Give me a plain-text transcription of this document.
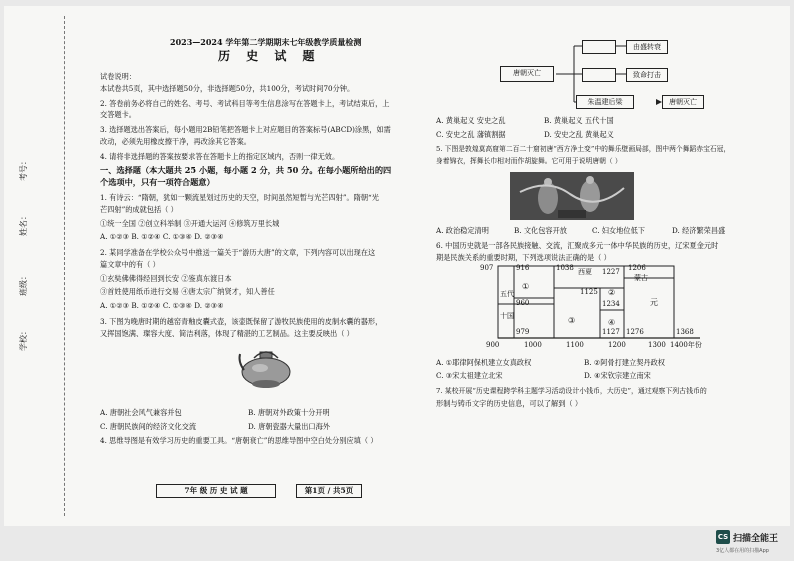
学校：
班级：
姓名：
考号：
2023—2024 学年第二学期期末七年级教学质量检测
历 史 试 题
试卷说明：
本试卷共5页，其中选择题50分，非选择题50分，共100分，考试时间70分钟。
2. 答卷前务必将自己的姓名、考号、考试科目等考生信息涂写在答题卡上，考试结束后，上
交答题卡。
3. 选择题选出答案后，每小题用2B铅笔把答题卡上对应题目的答案标号(ABCD)涂黑，如需
改动，必须先用橡皮擦干净，再改涂其它答案。
4. 请将非选择题的答案按要求答在答题卡上的指定区域内，否则一律无效。
一、选择题（本大题共 25 小题，每小题 2 分，共 50 分。在每小题所给出的四
个选项中，只有一项符合题意）
1. 有诗云：“隋朝，犹如一颗流星划过历史的天空，时间虽然短暂与光芒四射”。隋朝“光
芒四射”的成就包括（ ）
①统一全国 ②创立科举制 ③开通大运河 ④修筑万里长城
A. ①②③ B. ①②④ C. ①③④ D. ②③④
2. 某同学准备在学校公众号中推送一篇关于“游历大唐”的文章，下列内容可以出现在这
篇文章中的有（ ）
①玄奘佛佛得经回到长安 ②鉴真东渡日本
③首姓使用纸币进行交易 ④唐太宗广纳贤才，知人善任
A. ①②③ B. ①②④ C. ①③④ D. ②③④
3. 下图为晚唐时期的越窑青釉皮囊式壶，该壶既保留了游牧民族使用的皮制水囊的器形，
又挥国饱满、璨容大度、简洁利落，体现了精湛的工艺制品。这主要反映出（ ）
A. 唐朝社会风气兼容并包	B. 唐朝对外政策十分开明
C. 唐朝民族间的经济文化交流	D. 唐朝瓷器大量出口海外
4. 思维导图是有效学习历史的重要工具。“唐朝衰亡”的思维导图中空白处分别应填（ ）
7年 级 历 史 试 题	第1页 / 共5页
唐朝灭亡
由盛转衰
致命打击
朱温建后梁	唐朝灭亡
A. 黄巢起义 安史之乱	B. 黄巢起义 五代十国
C. 安史之乱 藩镇割据	D. 安史之乱 黄巢起义
5. 下图是敦煌莫高窟第二百二十窟初唐“西方净土变”中的舞乐壁画局部，图中两个舞蹈赤宝石冠，
身着锦衣，挥舞长巾相对而作胡旋舞。它可用于说明唐朝（ ）
A. 政治稳定清明	B. 文化包容开放	C. 妇女地位低下	D. 经济繁荣昌盛
6. 中国历史就是一部各民族接触、交流，汇聚成多元一体中华民族的历史，辽宋夏金元时
期是民族关系的重要时期，下列选项说法正确的是（ ）
907	916	1038 西夏 1227 1206
蒙古
①
1125 ②
五代
960	1234	元
③	④
十国
979	1127 1276	1368
900	1000	1100	1200	1300 1400年份
A. ①耶律阿保机建立女真政权	B. ②阿骨打建立契丹政权
C. ③宋太祖建立北宋	D. ④宋钦宗建立南宋
7. 某校开展“历史课程跨学科主题学习活动设计小钱币，大历史”，通过观察下列古钱币的
形制与铸币文字的历史信息，可以了解到（ ）
CS 扫描全能王
3亿人都在用的扫描App
